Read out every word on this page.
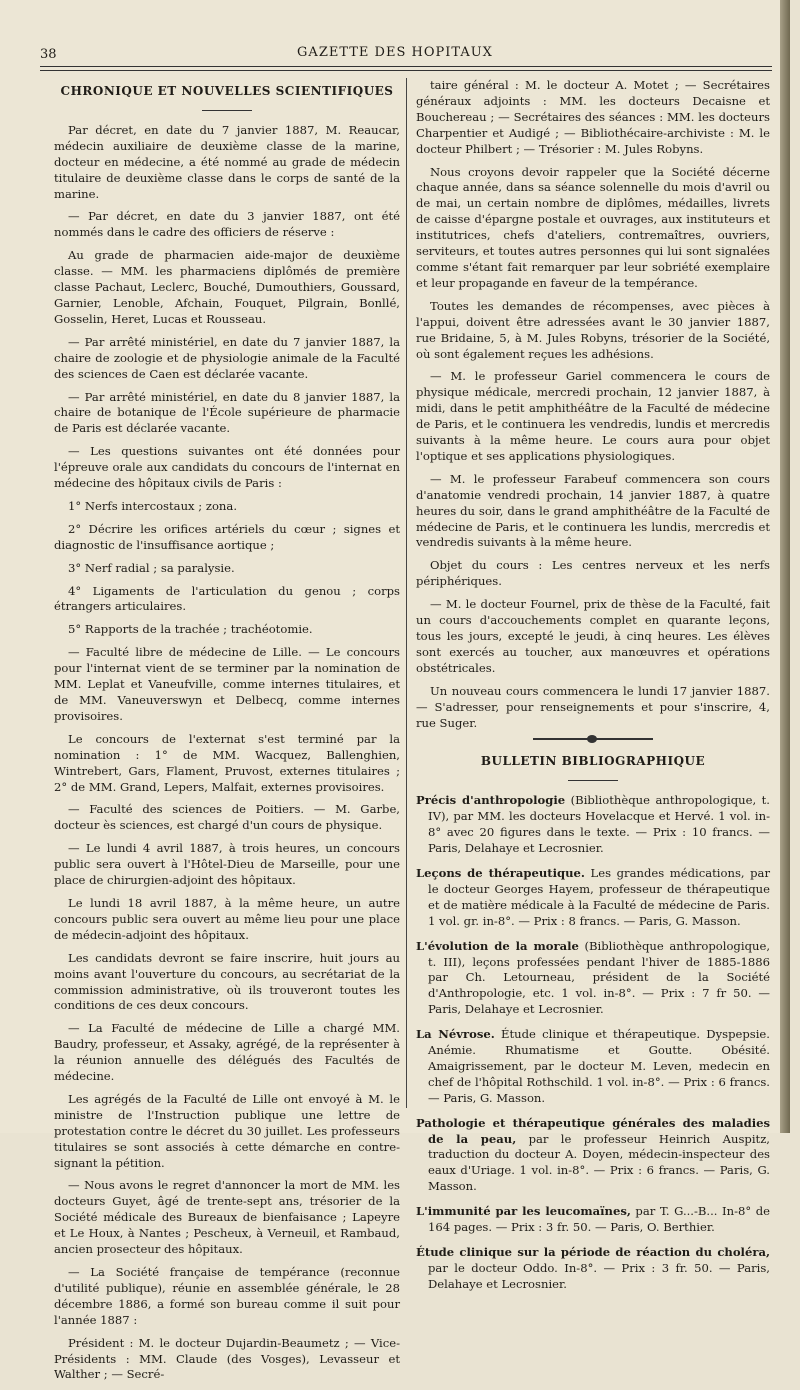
38	GAZETTE DES HOPITAUX
CHRONIQUE ET NOUVELLES SCIENTIFIQUES

Par décret, en date du 7 janvier 1887, M. Reaucar, médecin auxiliaire de deuxième classe de la marine, docteur en médecine, a été nommé au grade de médecin titulaire de deuxième classe dans le corps de santé de la marine.

— Par décret, en date du 3 janvier 1887, ont été nommés dans le cadre des officiers de réserve :

Au grade de pharmacien aide-major de deuxième classe. — MM. les pharmaciens diplômés de première classe Pachaut, Leclerc, Bouché, Dumouthiers, Goussard, Garnier, Lenoble, Afchain, Fouquet, Pilgrain, Bonllé, Gosselin, Heret, Lucas et Rousseau.

— Par arrêté ministériel, en date du 7 janvier 1887, la chaire de zoologie et de physiologie animale de la Faculté des sciences de Caen est déclarée vacante.

— Par arrêté ministériel, en date du 8 janvier 1887, la chaire de botanique de l'École supérieure de pharmacie de Paris est déclarée vacante.

— Les questions suivantes ont été données pour l'épreuve orale aux candidats du concours de l'internat en médecine des hôpitaux civils de Paris :

1° Nerfs intercostaux ; zona.

2° Décrire les orifices artériels du cœur ; signes et diagnostic de l'insuffisance aortique ;

3° Nerf radial ; sa paralysie.

4° Ligaments de l'articulation du genou ; corps étrangers articulaires.

5° Rapports de la trachée ; trachéotomie.

— Faculté libre de médecine de Lille. — Le concours pour l'internat vient de se terminer par la nomination de MM. Leplat et Vaneufville, comme internes titulaires, et de MM. Vaneuverswyn et Delbecq, comme internes provisoires.

Le concours de l'externat s'est terminé par la nomination : 1° de MM. Wacquez, Ballenghien, Wintrebert, Gars, Flament, Pruvost, externes titulaires ; 2° de MM. Grand, Lepers, Malfait, externes provisoires.

— Faculté des sciences de Poitiers. — M. Garbe, docteur ès sciences, est chargé d'un cours de physique.

— Le lundi 4 avril 1887, à trois heures, un concours public sera ouvert à l'Hôtel-Dieu de Marseille, pour une place de chirurgien-adjoint des hôpitaux.

Le lundi 18 avril 1887, à la même heure, un autre concours public sera ouvert au même lieu pour une place de médecin-adjoint des hôpitaux.

Les candidats devront se faire inscrire, huit jours au moins avant l'ouverture du concours, au secrétariat de la commission administrative, où ils trouveront toutes les conditions de ces deux concours.

— La Faculté de médecine de Lille a chargé MM. Baudry, professeur, et Assaky, agrégé, de la représenter à la réunion annuelle des délégués des Facultés de médecine.

Les agrégés de la Faculté de Lille ont envoyé à M. le ministre de l'Instruction publique une lettre de protestation contre le décret du 30 juillet. Les professeurs titulaires se sont associés à cette démarche en contre-signant la pétition.

— Nous avons le regret d'annoncer la mort de MM. les docteurs Guyet, âgé de trente-sept ans, trésorier de la Société médicale des Bureaux de bienfaisance ; Lapeyre et Le Houx, à Nantes ; Pescheux, à Verneuil, et Rambaud, ancien prosecteur des hôpitaux.

— La Société française de tempérance (reconnue d'utilité publique), réunie en assemblée générale, le 28 décembre 1886, a formé son bureau comme il suit pour l'année 1887 :

Président : M. le docteur Dujardin-Beaumetz ; — Vice-Présidents : MM. Claude (des Vosges), Levasseur et Walther ; — Secré-

taire général : M. le docteur A. Motet ; — Secrétaires généraux adjoints : MM. les docteurs Decaisne et Bouchereau ; — Secrétaires des séances : MM. les docteurs Charpentier et Audigé ; — Bibliothécaire-archiviste : M. le docteur Philbert ; — Trésorier : M. Jules Robyns.

Nous croyons devoir rappeler que la Société décerne chaque année, dans sa séance solennelle du mois d'avril ou de mai, un certain nombre de diplômes, médailles, livrets de caisse d'épargne postale et ouvrages, aux instituteurs et institutrices, chefs d'ateliers, contremaîtres, ouvriers, serviteurs, et toutes autres personnes qui lui sont signalées comme s'étant fait remarquer par leur sobriété exemplaire et leur propagande en faveur de la tempérance.

Toutes les demandes de récompenses, avec pièces à l'appui, doivent être adressées avant le 30 janvier 1887, rue Bridaine, 5, à M. Jules Robyns, trésorier de la Société, où sont également reçues les adhésions.

— M. le professeur Gariel commencera le cours de physique médicale, mercredi prochain, 12 janvier 1887, à midi, dans le petit amphithéâtre de la Faculté de médecine de Paris, et le continuera les vendredis, lundis et mercredis suivants à la même heure. Le cours aura pour objet l'optique et ses applications physiologiques.

— M. le professeur Farabeuf commencera son cours d'anatomie vendredi prochain, 14 janvier 1887, à quatre heures du soir, dans le grand amphithéâtre de la Faculté de médecine de Paris, et le continuera les lundis, mercredis et vendredis suivants à la même heure.

Objet du cours : Les centres nerveux et les nerfs périphériques.

— M. le docteur Fournel, prix de thèse de la Faculté, fait un cours d'accouchements complet en quarante leçons, tous les jours, excepté le jeudi, à cinq heures. Les élèves sont exercés au toucher, aux manœuvres et opérations obstétricales.

Un nouveau cours commencera le lundi 17 janvier 1887. — S'adresser, pour renseignements et pour s'inscrire, 4, rue Suger.

BULLETIN BIBLIOGRAPHIQUE
Précis d'anthropologie (Bibliothèque anthropologique, t. IV), par MM. les docteurs Hovelacque et Hervé. 1 vol. in-8° avec 20 figures dans le texte. — Prix : 10 francs. — Paris, Delahaye et Lecrosnier.
Leçons de thérapeutique. Les grandes médications, par le docteur Georges Hayem, professeur de thérapeutique et de matière médicale à la Faculté de médecine de Paris. 1 vol. gr. in-8°. — Prix : 8 francs. — Paris, G. Masson.
L'évolution de la morale (Bibliothèque anthropologique, t. III), leçons professées pendant l'hiver de 1885-1886 par Ch. Letourneau, président de la Société d'Anthropologie, etc. 1 vol. in-8°. — Prix : 7 fr 50. — Paris, Delahaye et Lecrosnier.
La Névrose. Étude clinique et thérapeutique. Dyspepsie. Anémie. Rhumatisme et Goutte. Obésité. Amaigrissement, par le docteur M. Leven, medecin en chef de l'hôpital Rothschild. 1 vol. in-8°. — Prix : 6 francs. — Paris, G. Masson.
Pathologie et thérapeutique générales des maladies de la peau, par le professeur Heinrich Auspitz, traduction du docteur A. Doyen, médecin-inspecteur des eaux d'Uriage. 1 vol. in-8°. — Prix : 6 francs. — Paris, G. Masson.
L'immunité par les leucomaïnes, par T. G...-B... In-8° de 164 pages. — Prix : 3 fr. 50. — Paris, O. Berthier.
Étude clinique sur la période de réaction du choléra, par le docteur Oddo. In-8°. — Prix : 3 fr. 50. — Paris, Delahaye et Lecrosnier.
